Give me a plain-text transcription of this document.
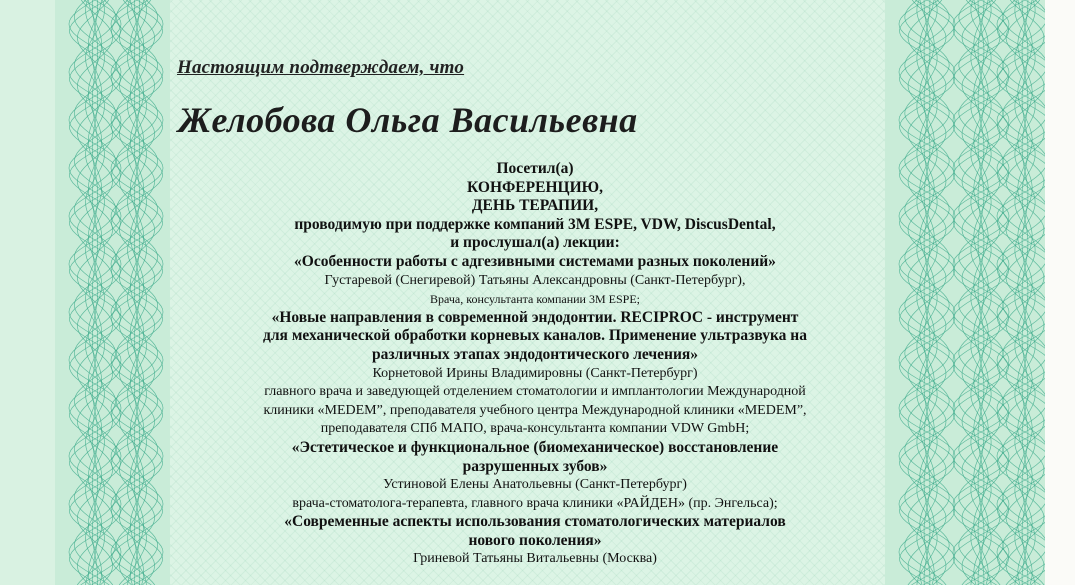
Настоящим подтверждаем, что

Желобова Ольга Васильевна

Посетил(а)
КОНФЕРЕНЦИЮ,
ДЕНЬ ТЕРАПИИ,
проводимую при поддержке компаний 3М ESPE, VDW, DiscusDental,
и прослушал(а) лекции:
«Особенности работы с адгезивными системами разных поколений»
Густаревой (Снегиревой) Татьяны Александровны (Санкт-Петербург),
Врача, консультанта компании 3М ESPE;
«Новые направления в современной эндодонтии. RECIPROC - инструмент
для механической обработки корневых каналов. Применение ультразвука на
различных этапах эндодонтического лечения»
Корнетовой Ирины Владимировны (Санкт-Петербург)
главного врача и заведующей отделением стоматологии и имплантологии Международной
клиники «MEDEM”, преподавателя учебного центра Международной клиники «MEDEM”,
преподавателя СПб МАПО, врача-консультанта компании VDW GmbH;
«Эстетическое и функциональное (биомеханическое) восстановление
разрушенных зубов»
Устиновой Елены Анатольевны (Санкт-Петербург)
врача-стоматолога-терапевта, главного врача клиники «РАЙДЕН» (пр. Энгельса);
«Современные аспекты использования стоматологических материалов
нового поколения»
Гриневой Татьяны Витальевны (Москва)
